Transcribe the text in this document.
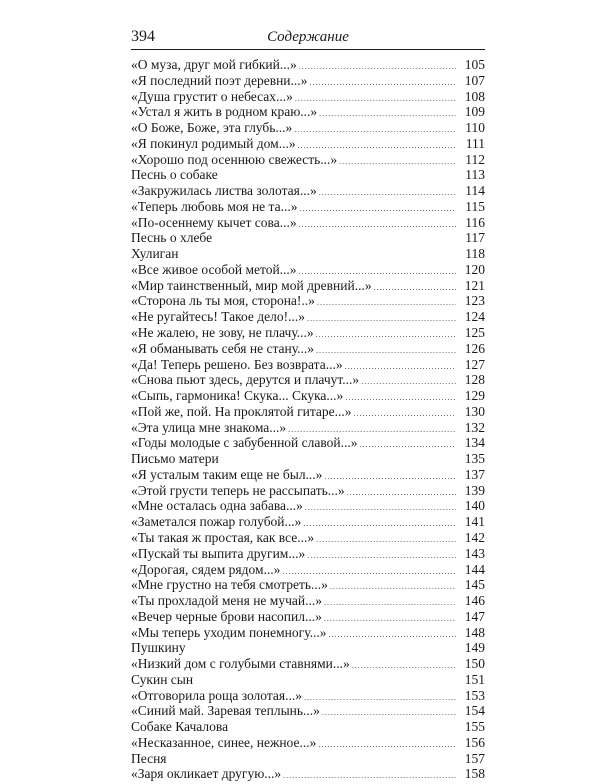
394	Содержание
«О муза, друг мой гибкий...» .....	105
«Я последний поэт деревни...» .....	107
«Душа грустит о небесах...» .....	108
«Устал я жить в родном краю...» .....	109
«О Боже, Боже, эта глубь...» .....	110
«Я покинул родимый дом...» .....	111
«Хорошо под осеннюю свежесть...» .....	112
Песнь о собаке	113
«Закружилась листва золотая...» .....	114
«Теперь любовь моя не та...» .....	115
«По-осеннему кычет сова...» .....	116
Песнь о хлебе	117
Хулиган	118
«Все живое особой метой...» .....	120
«Мир таинственный, мир мой древний...» .....	121
«Сторона ль ты моя, сторона!..» .....	123
«Не ругайтесь! Такое дело!...» .....	124
«Не жалею, не зову, не плачу...» .....	125
«Я обманывать себя не стану...» .....	126
«Да! Теперь решено. Без возврата...» .....	127
«Снова пьют здесь, дерутся и плачут...» .....	128
«Сыпь, гармоника! Скука... Скука...» .....	129
«Пой же, пой. На проклятой гитаре...» .....	130
«Эта улица мне знакома...» .....	132
«Годы молодые с забубенной славой...» .....	134
Письмо матери	135
«Я усталым таким еще не был...» .....	137
«Этой грусти теперь не рассыпать...» .....	139
«Мне осталась одна забава...» .....	140
«Заметался пожар голубой...» .....	141
«Ты такая ж простая, как все...» .....	142
«Пускай ты выпита другим...» .....	143
«Дорогая, сядем рядом...» .....	144
«Мне грустно на тебя смотреть...» .....	145
«Ты прохладой меня не мучай...» .....	146
«Вечер черные брови насопил...» .....	147
«Мы теперь уходим понемногу...» .....	148
Пушкину	149
«Низкий дом с голубыми ставнями...» .....	150
Сукин сын	151
«Отговорила роща золотая...» .....	153
«Синий май. Заревая теплынь...» .....	154
Собаке Качалова	155
«Несказанное, синее, нежное...» .....	156
Песня	157
«Заря окликает другую...» .....	158
